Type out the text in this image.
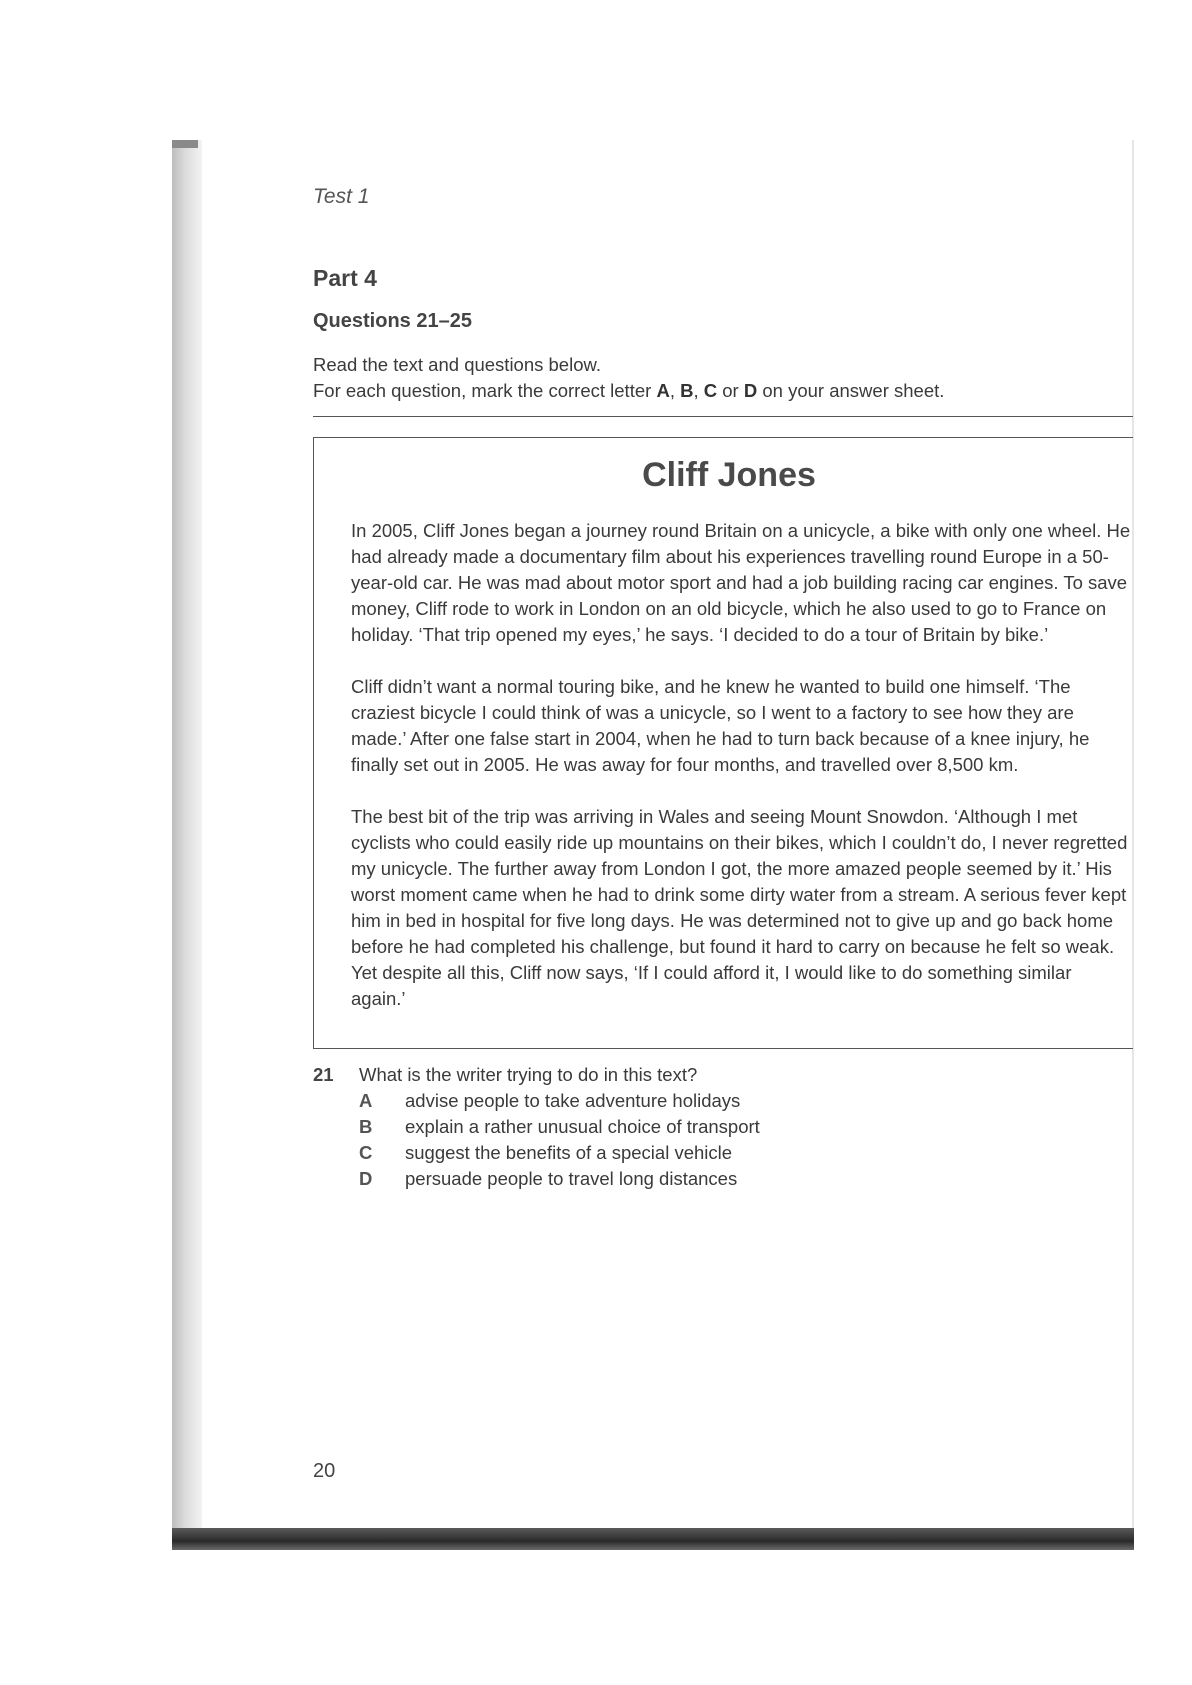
Test 1
Part 4
Questions 21–25
Read the text and questions below.
For each question, mark the correct letter A, B, C or D on your answer sheet.
Cliff Jones

In 2005, Cliff Jones began a journey round Britain on a unicycle, a bike with only one wheel. He had already made a documentary film about his experiences travelling round Europe in a 50-year-old car. He was mad about motor sport and had a job building racing car engines. To save money, Cliff rode to work in London on an old bicycle, which he also used to go to France on holiday. ‘That trip opened my eyes,’ he says. ‘I decided to do a tour of Britain by bike.’

Cliff didn’t want a normal touring bike, and he knew he wanted to build one himself. ‘The craziest bicycle I could think of was a unicycle, so I went to a factory to see how they are made.’ After one false start in 2004, when he had to turn back because of a knee injury, he finally set out in 2005. He was away for four months, and travelled over 8,500 km.

The best bit of the trip was arriving in Wales and seeing Mount Snowdon. ‘Although I met cyclists who could easily ride up mountains on their bikes, which I couldn’t do, I never regretted my unicycle. The further away from London I got, the more amazed people seemed by it.’ His worst moment came when he had to drink some dirty water from a stream. A serious fever kept him in bed in hospital for five long days. He was determined not to give up and go back home before he had completed his challenge, but found it hard to carry on because he felt so weak. Yet despite all this, Cliff now says, ‘If I could afford it, I would like to do something similar again.’

21	What is the writer trying to do in this text?
A	advise people to take adventure holidays
B	explain a rather unusual choice of transport
C	suggest the benefits of a special vehicle
D	persuade people to travel long distances
20
